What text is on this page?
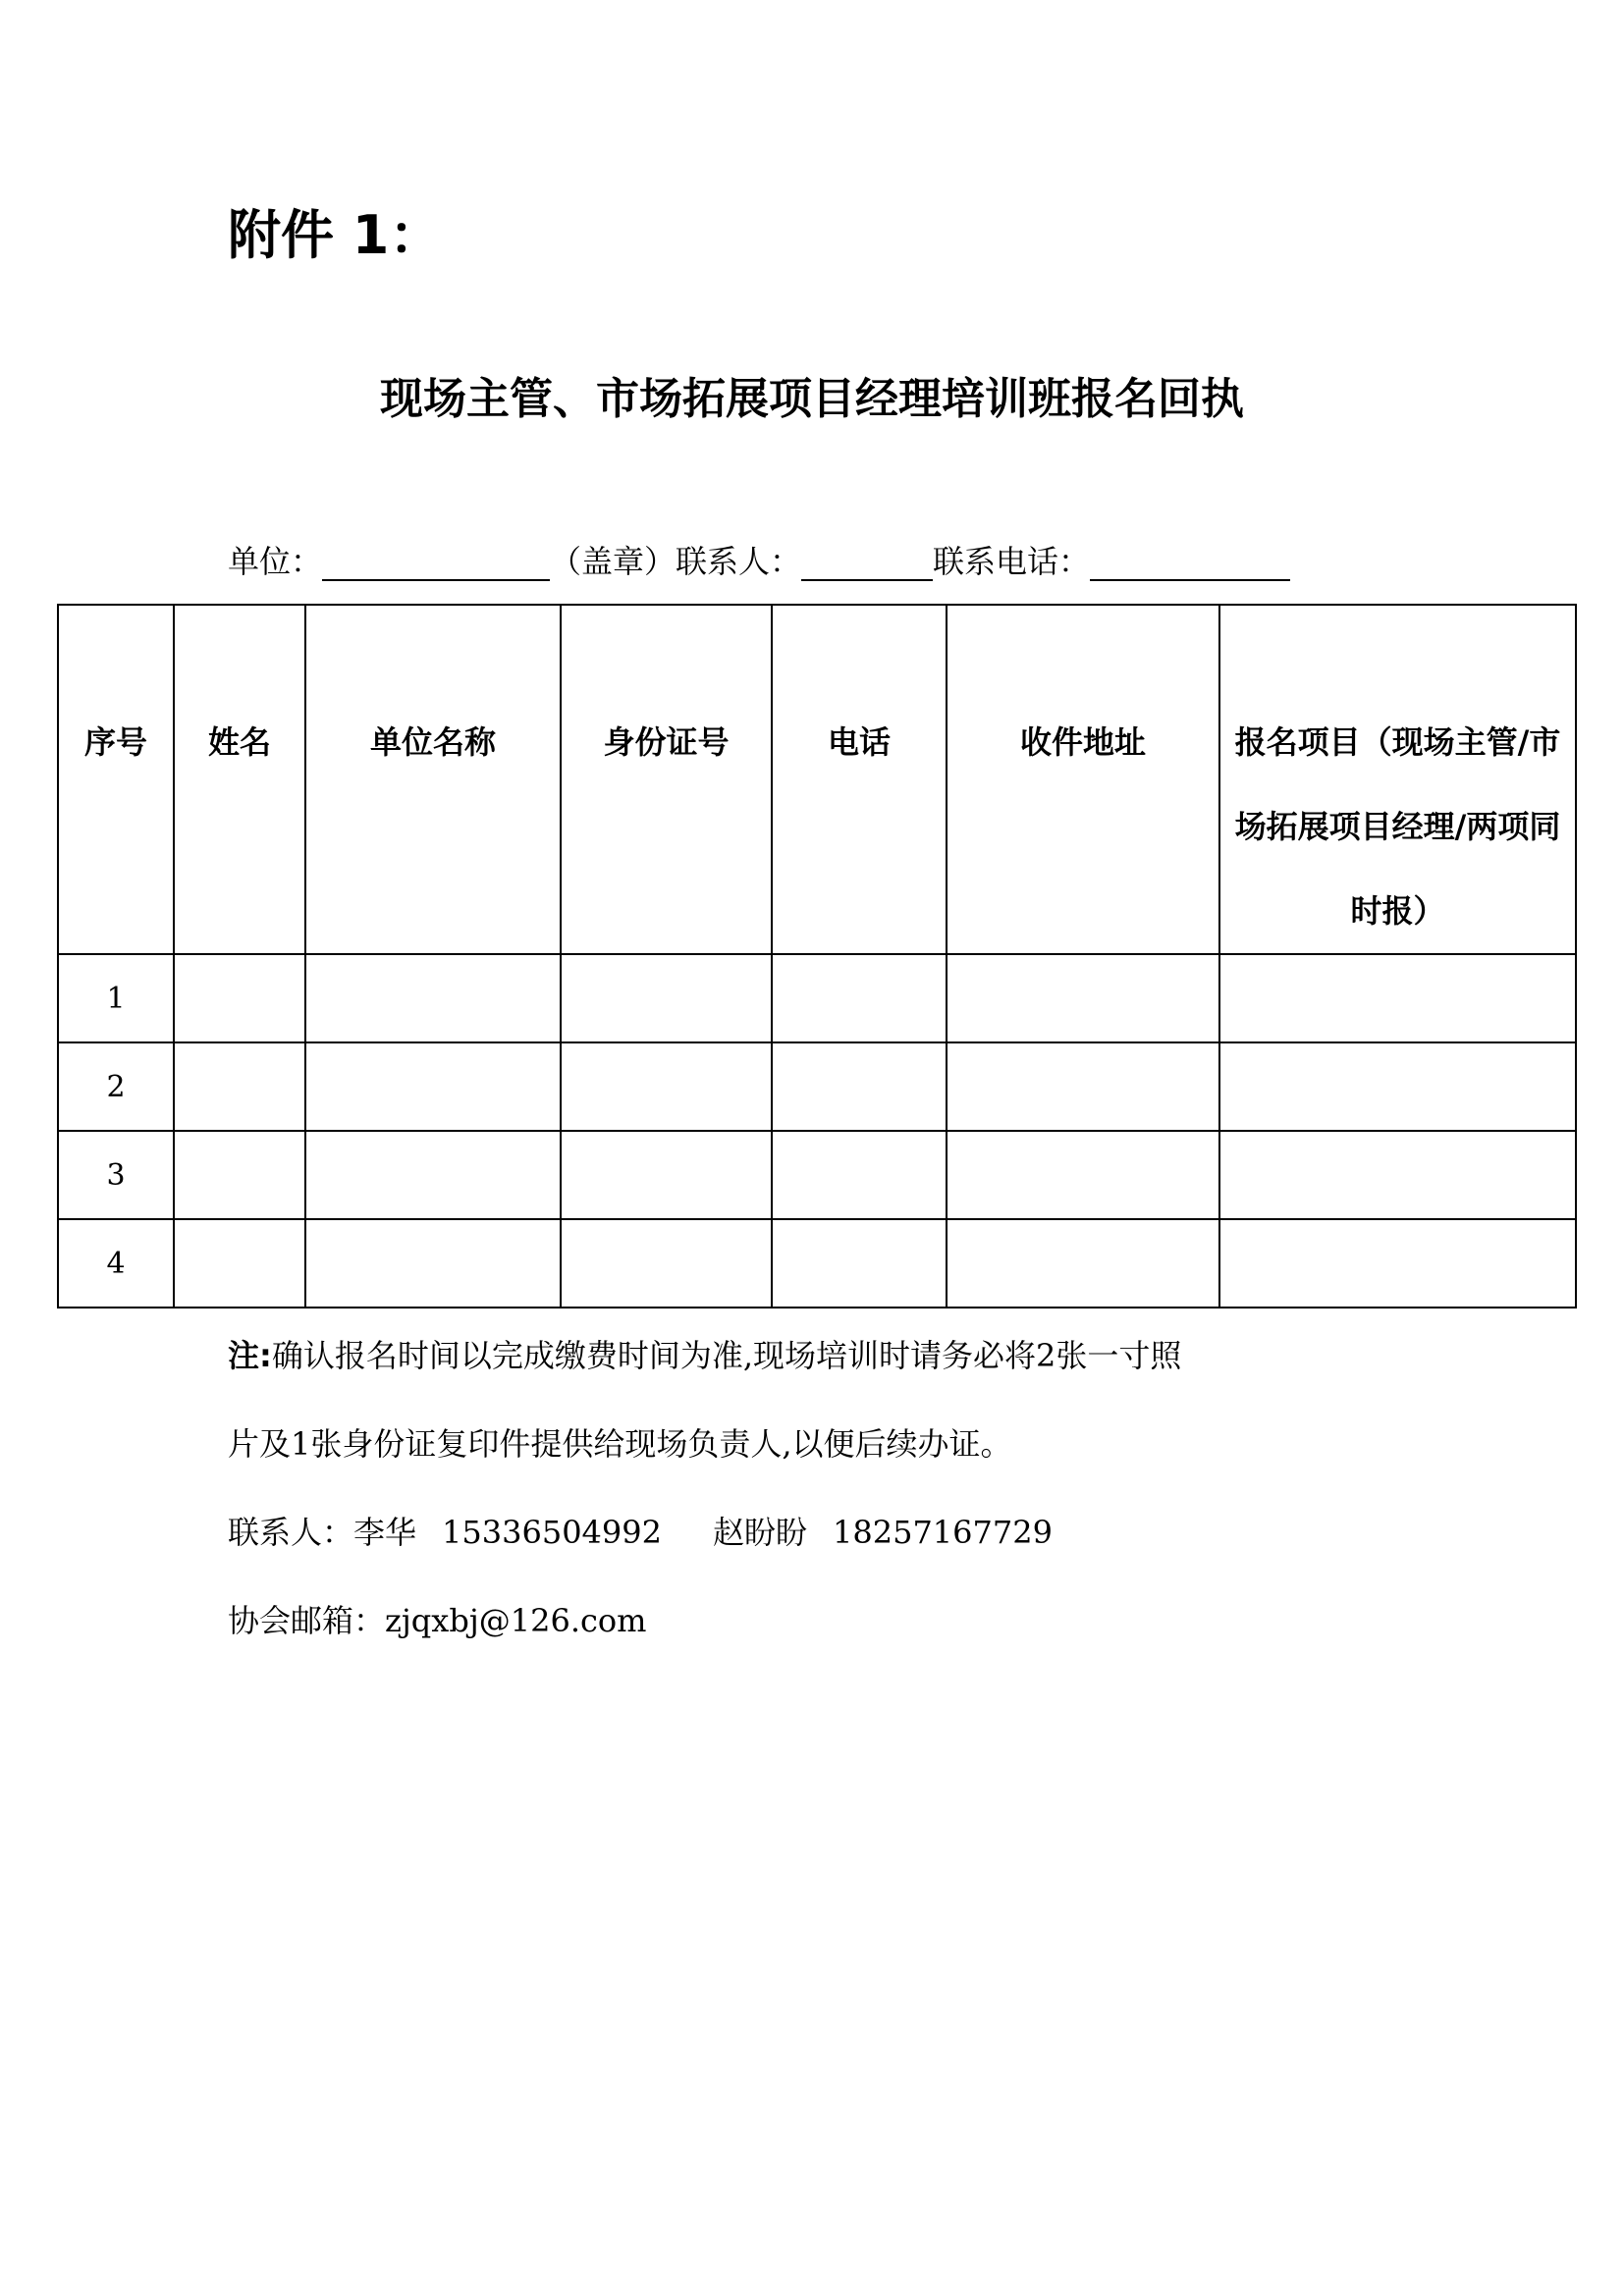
附件 1：
现场主管、市场拓展项目经理培训班报名回执
单位：	（盖章） 联系人：	联系电话：
序号	姓名	单位名称	身份证号	电话	收件地址	报名项目（现场主管/市场拓展项目经理/两项同时报）
1						
2						
3						
4						

注:确认报名时间以完成缴费时间为准,现场培训时请务必将2张一寸照

片及1张身份证复印件提供给现场负责人,以便后续办证。

联系人：李华 15336504992 赵盼盼 18257167729

协会邮箱：zjqxbj@126.com
